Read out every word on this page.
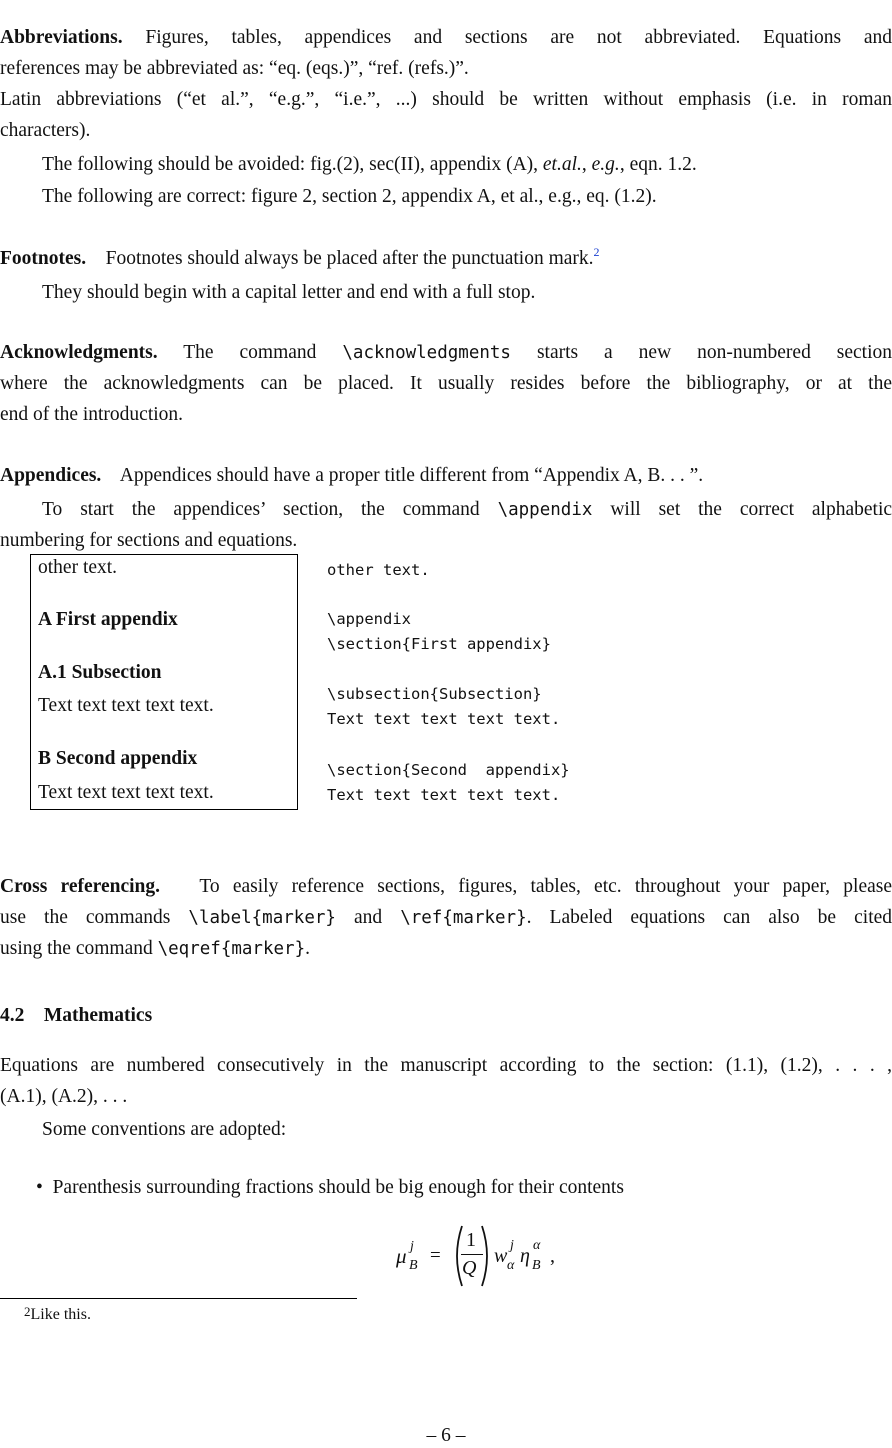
Abbreviations. Figures, tables, appendices and sections are not abbreviated. Equations and
references may be abbreviated as: “eq. (eqs.)”, “ref. (refs.)”.
Latin abbreviations (“et al.”, “e.g.”, “i.e.”, ...) should be written without emphasis (i.e. in roman
characters).
The following should be avoided: fig.(2), sec(II), appendix (A), et.al., e.g., eqn. 1.2.
The following are correct: figure 2, section 2, appendix A, et al., e.g., eq. (1.2).
Footnotes. Footnotes should always be placed after the punctuation mark.$^2$
They should begin with a capital letter and end with a full stop.
Acknowledgments. The command \acknowledgments starts a new non-numbered section
where the acknowledgments can be placed. It usually resides before the bibliography, or at the
end of the introduction.
Appendices. Appendices should have a proper title different from “Appendix A, B. . . ”.
To start the appendices’ section, the command \appendix will set the correct alphabetic
numbering for sections and equations.
other text.
A First appendix
A.1 Subsection
Text text text text text.
B Second appendix
Text text text text text.
other text.
\appendix
\section{First appendix}
\subsection{Subsection}
Text text text text text.
\section{Second  appendix}
Text text text text text.
Cross referencing. To easily reference sections, figures, tables, etc. throughout your paper, please
use the commands \label{marker} and \ref{marker}. Labeled equations can also be cited
using the command \eqref{marker}.
4.2 Mathematics
Equations are numbered consecutively in the manuscript according to the section: (1.1), (1.2), . . . ,
(A.1), (A.2), . . .
Some conventions are adopted:
•  Parenthesis surrounding fractions should be big enough for their contents
μ j
B =
1
Q
w j
α η α
B ,
2Like this.
– 6 –
